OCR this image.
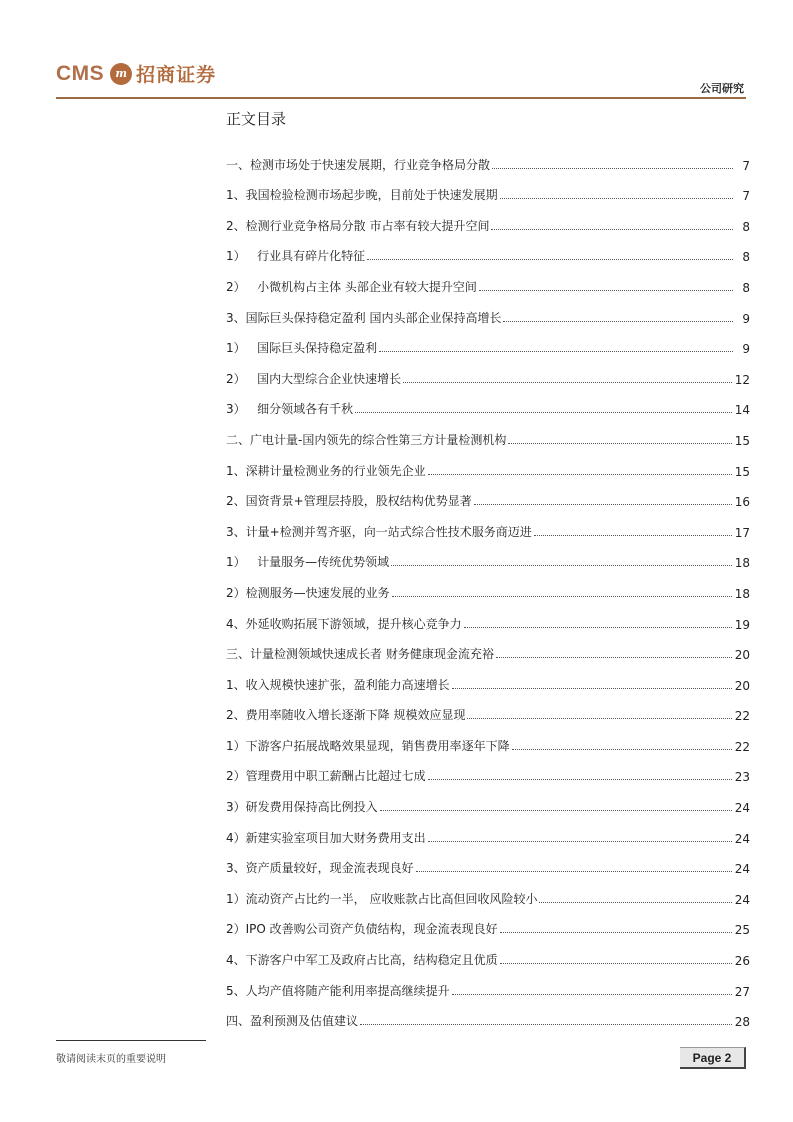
CMS	m 招商证券
公司研究
正文目录
一、检测市场处于快速发展期，行业竞争格局分散	7
1、我国检验检测市场起步晚，目前处于快速发展期	7
2、检测行业竞争格局分散 市占率有较大提升空间	8
1）   行业具有碎片化特征	8
2）   小微机构占主体 头部企业有较大提升空间	8
3、国际巨头保持稳定盈利 国内头部企业保持高增长	9
1）   国际巨头保持稳定盈利	9
2）   国内大型综合企业快速增长	12
3）   细分领域各有千秋	14
二、广电计量-国内领先的综合性第三方计量检测机构	15
1、深耕计量检测业务的行业领先企业	15
2、国资背景+管理层持股，股权结构优势显著	16
3、计量+检测并驾齐驱，向一站式综合性技术服务商迈进	17
1）   计量服务—传统优势领域	18
2）检测服务—快速发展的业务	18
4、外延收购拓展下游领域，提升核心竞争力	19
三、计量检测领域快速成长者 财务健康现金流充裕	20
1、收入规模快速扩张，盈利能力高速增长	20
2、费用率随收入增长逐渐下降 规模效应显现	22
1）下游客户拓展战略效果显现，销售费用率逐年下降	22
2）管理费用中职工薪酬占比超过七成	23
3）研发费用保持高比例投入	24
4）新建实验室项目加大财务费用支出	24
3、资产质量较好，现金流表现良好	24
1）流动资产占比约一半， 应收账款占比高但回收风险较小	24
2）IPO 改善购公司资产负债结构，现金流表现良好	25
4、下游客户中军工及政府占比高，结构稳定且优质	26
5、人均产值将随产能利用率提高继续提升	27
四、盈利预测及估值建议	28
敬请阅读末页的重要说明	Page 2
